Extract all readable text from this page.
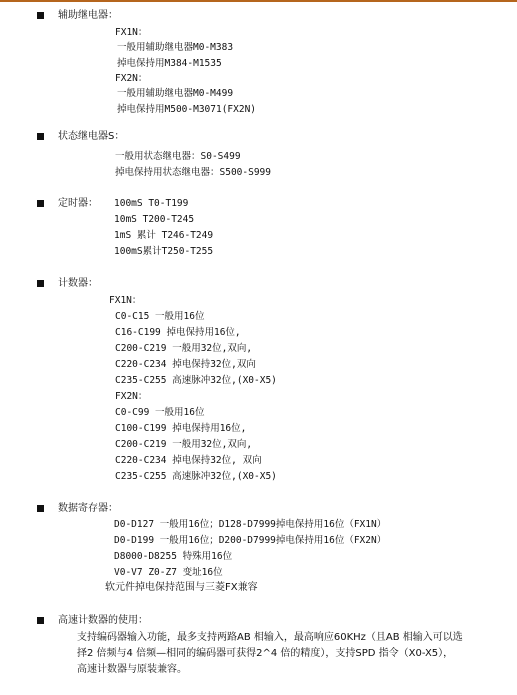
辅助继电器：
FX1N：
一般用辅助继电器M0-M383
掉电保持用M384-M1535
FX2N：
一般用辅助继电器M0-M499
掉电保持用M500-M3071(FX2N)
状态继电器S：
一般用状态继电器：S0-S499
掉电保持用状态继电器：S500-S999
定时器： 100mS T0-T199
10mS T200-T245
1mS 累计 T246-T249
100mS累计T250-T255
计数器：
FX1N：
C0-C15 一般用16位
C16-C199 掉电保持用16位,
C200-C219 一般用32位,双向,
C220-C234 掉电保持32位,双向
C235-C255 高速脉冲32位,(X0-X5)
FX2N：
C0-C99 一般用16位
C100-C199 掉电保持用16位,
C200-C219 一般用32位,双向,
C220-C234 掉电保持32位, 双向
C235-C255 高速脉冲32位,(X0-X5)
数据寄存器：
D0-D127 一般用16位；D128-D7999掉电保持用16位（FX1N）
D0-D199 一般用16位；D200-D7999掉电保持用16位（FX2N）
D8000-D8255 特殊用16位
V0-V7 Z0-Z7 变址16位
软元件掉电保持范围与三菱FX兼容
高速计数器的使用：
支持编码器输入功能，最多支持两路AB 相输入，最高响应60KHz（且AB 相输入可以选
择2 倍频与4 倍频—相同的编码器可获得2^4 倍的精度），支持SPD 指令（X0-X5），
高速计数器与原装兼容。
